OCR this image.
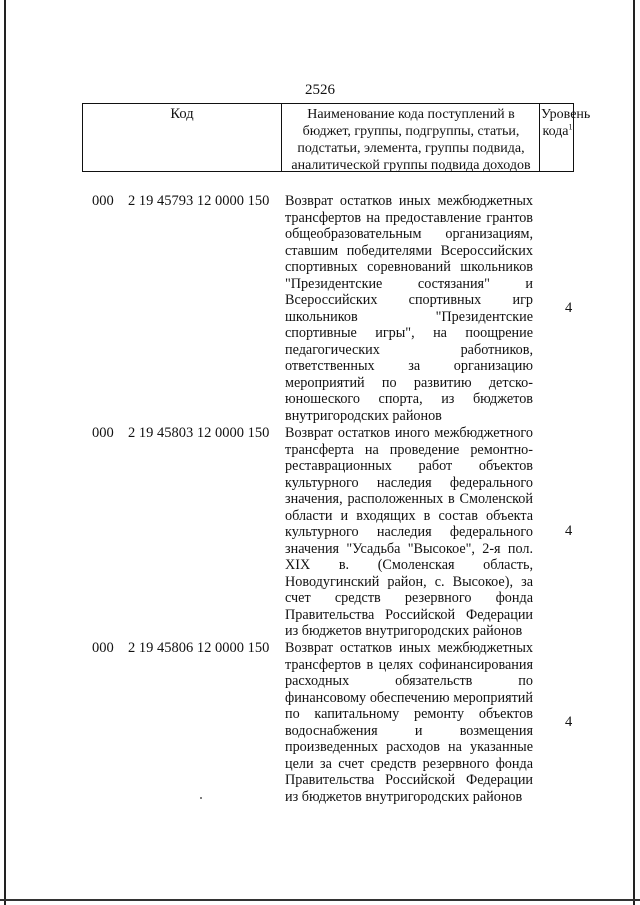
2526
Код	Наименование кода поступлений в
бюджет, группы, подгруппы, статьи,
подстатьи, элемента, группы подвида,
аналитической группы подвида доходов
Уровень
кода$^1$
000 2 19 45793 12 0000 150 Возврат остатков иных межбюджетных
трансфертов на предоставление грантов
общеобразовательным организациям,
ставшим победителями Всероссийских
спортивных соревнований школьников
"Президентские состязания" и
Всероссийских спортивных игр
школьников "Президентские
спортивные игры", на поощрение
педагогических работников,
ответственных за организацию
мероприятий по развитию детско-
юношеского спорта, из бюджетов
внутригородских районов
4
000 2 19 45803 12 0000 150 Возврат остатков иного межбюджетного
трансферта на проведение ремонтно-
реставрационных работ объектов
культурного наследия федерального
значения, расположенных в Смоленской
области и входящих в состав объекта
культурного наследия федерального
значения "Усадьба "Высокое", 2-я пол.
XIX в. (Смоленская область,
Новодугинский район, с. Высокое), за
счет средств резервного фонда
Правительства Российской Федерации
из бюджетов внутригородских районов
4
000 2 19 45806 12 0000 150 Возврат остатков иных межбюджетных
трансфертов в целях софинансирования
расходных обязательств по
финансовому обеспечению мероприятий
по капитальному ремонту объектов
водоснабжения и возмещения
произведенных расходов на указанные
цели за счет средств резервного фонда
Правительства Российской Федерации
из бюджетов внутригородских районов
4
